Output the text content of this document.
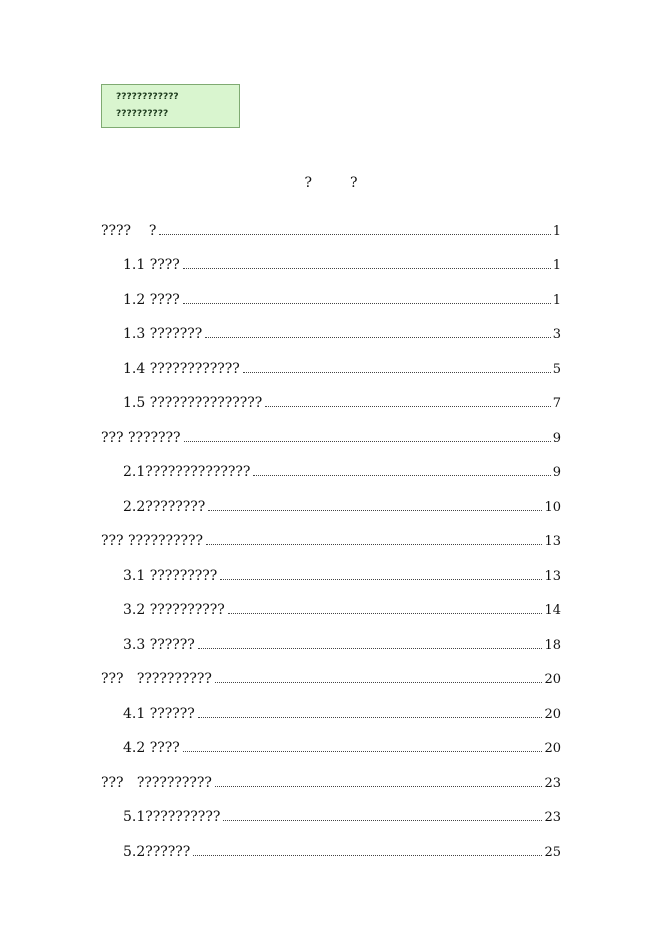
????????????
??????????
?	?
??? ?    ?	1
1.1 ????	1
1.2 ????	1
1.3 ???????	3
1.4 ????????????	5
1.5 ???????????????	7
??? ???????	9
2.1 ??????????????	9
2.2 ????????	10
??? ??????????	13
3.1 ?????????	13
3.2 ??????????	14
3.3 ??????	18
??? ??????????	20
4.1 ??????	20
4.2 ????	20
??? ??????????	23
5.1 ??????????	23
5.2 ??????	25
